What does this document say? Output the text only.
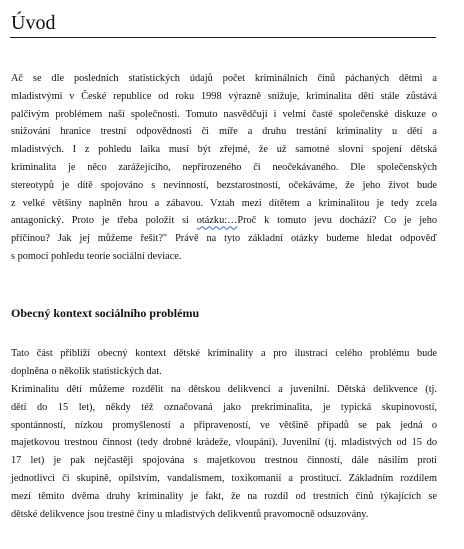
Úvod

Ač se dle posledních statistických údajů počet kriminálních činů páchaných dětmi a
mladistvými v České republice od roku 1998 výrazně snižuje, kriminalita dětí stále zůstává
palčivým problémem naší společnosti. Tomuto nasvědčují i velmi časté společenské diskuze o
snižování hranice trestní odpovědnosti či míře a druhu trestání kriminality u dětí a
mladistvých. I z pohledu laika musí být zřejmé, že už samotné slovní spojení dětská
kriminalita je něco zarážejícího, nepřirozeného či neočekávaného. Dle společenských
stereotypů je dítě spojováno s nevinností, bezstarostností, očekáváme, že jeho život bude
z velké většiny naplněn hrou a zábavou. Vztah mezi dítětem a kriminalitou je tedy zcela
antagonický. Proto je třeba položit si otázku:…Proč k tomuto jevu dochází? Co je jeho
příčinou? Jak jej můžeme řešit?" Právě na tyto základní otázky budeme hledat odpověď
s pomocí pohledu teorie sociální deviace.

Obecný kontext sociálního problému

Tato část přiblíží obecný kontext dětské kriminality a pro ilustraci celého problému bude
doplněna o několik statistických dat.

Kriminalitu dětí můžeme rozdělit na dětskou delikvenci a juvenilní. Dětská delikvence (tj.
dětí do 15 let), někdy též označovaná jako prekriminalita, je typická skupinovostí,
spontánností, nízkou promyšleností a připraveností, ve většině případů se pak jedná o
majetkovou trestnou činnost (tedy drobné krádeže, vloupání). Juvenilní (tj. mladistvých od 15 do
17 let) je pak nejčastěji spojována s majetkovou trestnou činností, dále násilím proti
jednotlivci či skupině, opilstvím, vandalismem, toxikomanií a prostitucí. Základním rozdílem
mezi těmito dvěma druhy kriminality je fakt, že na rozdíl od trestních činů týkajících se
dětské delikvence jsou trestné činy u mladistvých delikventů pravomocně odsuzovány.
